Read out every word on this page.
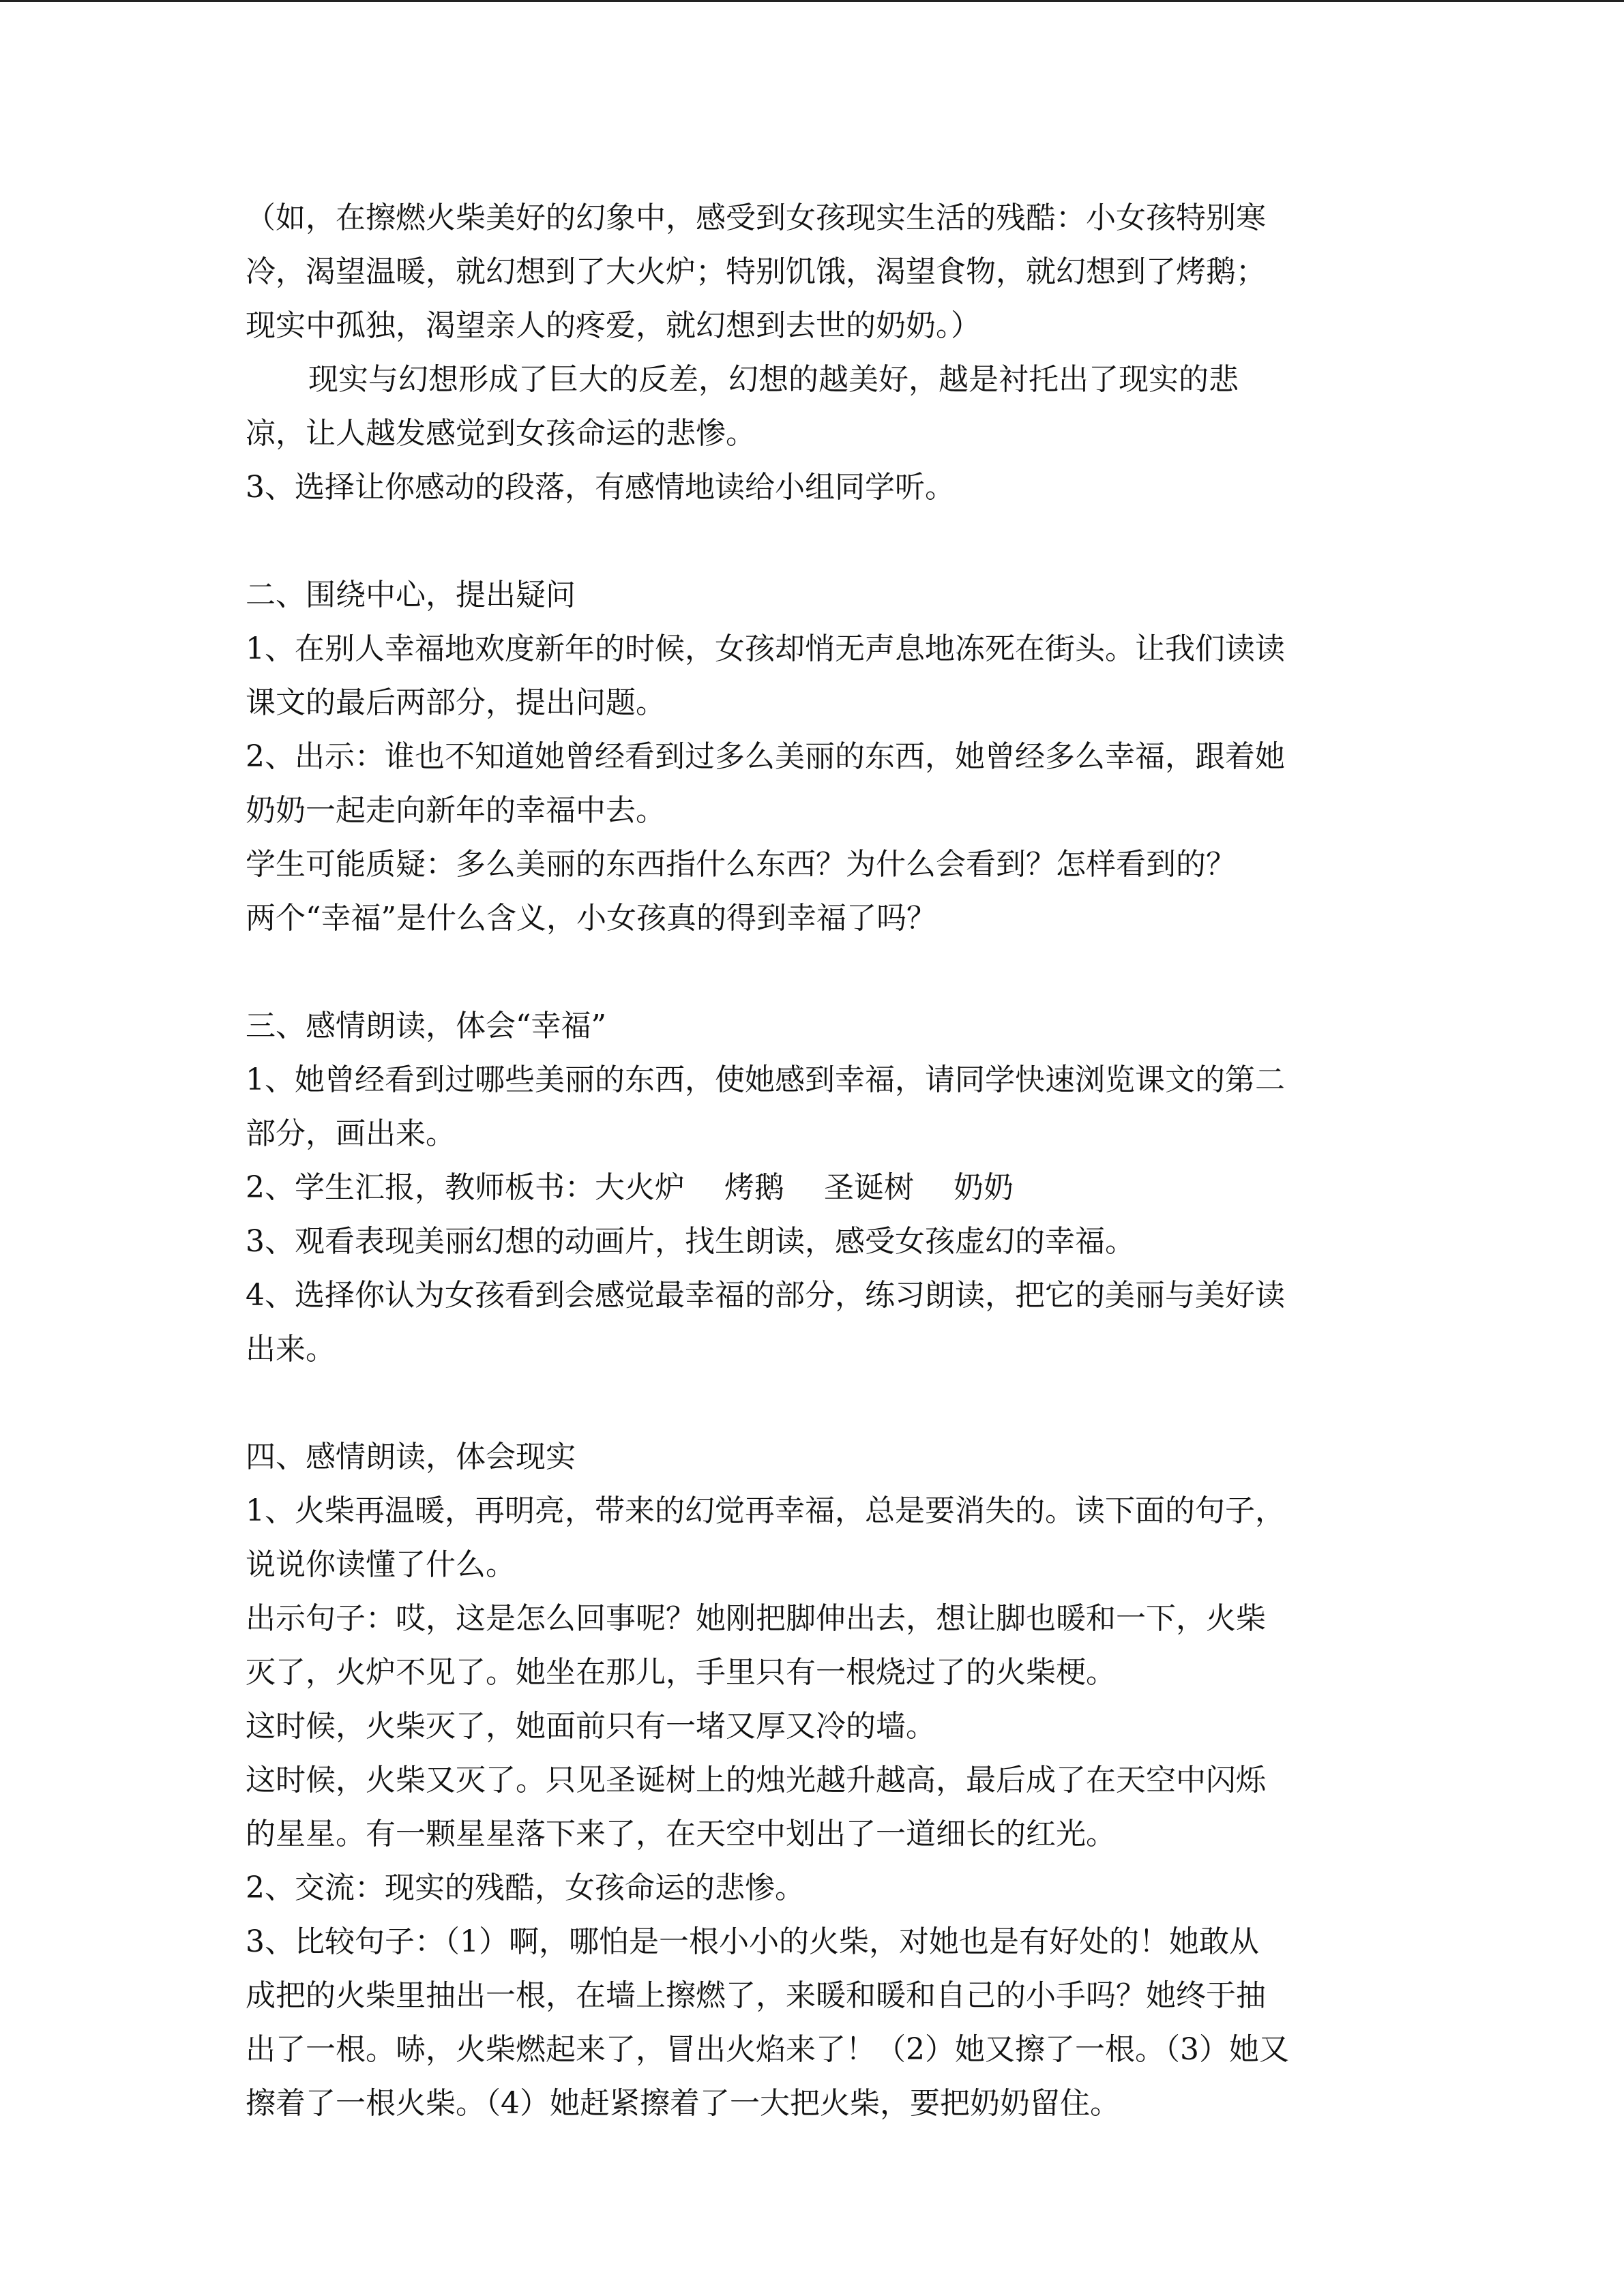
（如，在擦燃火柴美好的幻象中，感受到女孩现实生活的残酷：小女孩特别寒
冷，渴望温暖，就幻想到了大火炉；特别饥饿，渴望食物，就幻想到了烤鹅；
现实中孤独，渴望亲人的疼爱，就幻想到去世的奶奶。）
现实与幻想形成了巨大的反差，幻想的越美好，越是衬托出了现实的悲
凉，让人越发感觉到女孩命运的悲惨。
3、选择让你感动的段落，有感情地读给小组同学听。
二、围绕中心，提出疑问
1、在别人幸福地欢度新年的时候，女孩却悄无声息地冻死在街头。让我们读读
课文的最后两部分，提出问题。
2、出示：谁也不知道她曾经看到过多么美丽的东西，她曾经多么幸福，跟着她
奶奶一起走向新年的幸福中去。
学生可能质疑：多么美丽的东西指什么东西？为什么会看到？怎样看到的？
两个“幸福”是什么含义，小女孩真的得到幸福了吗？
三、感情朗读，体会“幸福”
1、她曾经看到过哪些美丽的东西，使她感到幸福，请同学快速浏览课文的第二
部分，画出来。
2、学生汇报，教师板书：大火炉　 烤鹅　 圣诞树　 奶奶
3、观看表现美丽幻想的动画片，找生朗读，感受女孩虚幻的幸福。
4、选择你认为女孩看到会感觉最幸福的部分，练习朗读，把它的美丽与美好读
出来。
四、感情朗读，体会现实
1、火柴再温暖，再明亮，带来的幻觉再幸福，总是要消失的。读下面的句子，
说说你读懂了什么。
出示句子：哎，这是怎么回事呢？她刚把脚伸出去，想让脚也暖和一下，火柴
灭了，火炉不见了。她坐在那儿，手里只有一根烧过了的火柴梗。
这时候，火柴灭了，她面前只有一堵又厚又冷的墙。
这时候，火柴又灭了。只见圣诞树上的烛光越升越高，最后成了在天空中闪烁
的星星。有一颗星星落下来了，在天空中划出了一道细长的红光。
2、交流：现实的残酷，女孩命运的悲惨。
3、比较句子：（1）啊，哪怕是一根小小的火柴，对她也是有好处的！她敢从
成把的火柴里抽出一根，在墙上擦燃了，来暖和暖和自己的小手吗？她终于抽
出了一根。哧，火柴燃起来了，冒出火焰来了！（2）她又擦了一根。（3）她又
擦着了一根火柴。（4）她赶紧擦着了一大把火柴，要把奶奶留住。
